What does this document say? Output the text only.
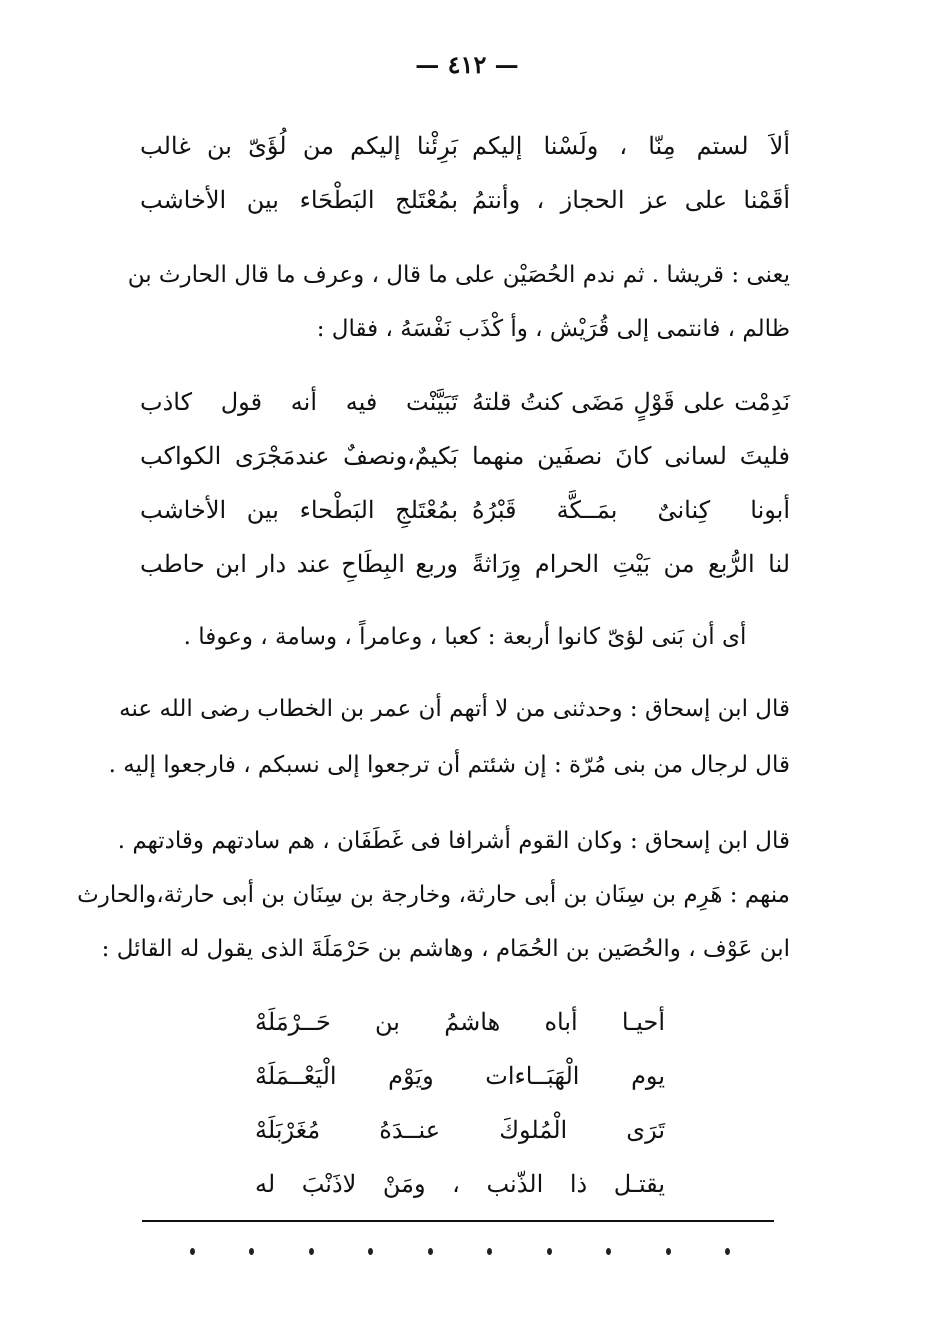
— ٤١٢ —
ألاَ لستم مِنّا ، ولَسْنا إليكم
بَرِئْنا إليكم من لُؤَىّ بن غالب
أقَمْنا على عز الحجاز ، وأنتمُ
بمُعْتَلج البَطْحَاء بين الأخاشب
يعنى : قريشا . ثم ندم الحُصَيْن على ما قال ، وعرف ما قال الحارث بن
ظالم ، فانتمى إلى قُرَيْش ، وأ كْذَب نَفْسَهُ ، فقال :
نَدِمْت على قَوْلٍ مَضَى كنتُ قلتهُ
تَبَيَّنْت فيه أنه قول كاذب
فليتَ لسانى كانَ نصفَين منهما
بَكيمٌ،ونصفٌ عندمَجْرَى الكواكب
أبونا كِنانىٌ بمَــكَّة قَبْرُهُ
بمُعْتَلجِ البَطْحاء بين الأخاشب
لنا الرُّبع من بَيْتِ الحرام وِرَاثةً
وربع البِطَاحِ عند دار ابن حاطب
أى أن بَنى لؤىّ كانوا أربعة : كعبا ، وعامراً ، وسامة ، وعوفا .
قال ابن إسحاق : وحدثنى من لا أتهم أن عمر بن الخطاب رضى الله عنه
قال لرجال من بنى مُرّة : إن شئتم أن ترجعوا إلى نسبكم ، فارجعوا إليه .
قال ابن إسحاق : وكان القوم أشرافا فى غَطَفَان ، هم سادتهم وقادتهم .
منهم : هَرِم بن سِنَان بن أبى حارثة، وخارجة بن سِنَان بن أبى حارثة،والحارث
ابن عَوْف ، والحُصَين بن الحُمَام ، وهاشم بن حَرْمَلَةَ الذى يقول له القائل :
أحيـا أباه هاشمُ بن حَــرْمَلَهْ
يوم الْهَبَــاءات ويَوْم الْيَعْــمَلَهْ
تَرَى الْمُلوكَ عنــدَهُ مُغَرْبَلَهْ
يقتـل ذا الذّنب ، ومَنْ لاذَنْبَ له
